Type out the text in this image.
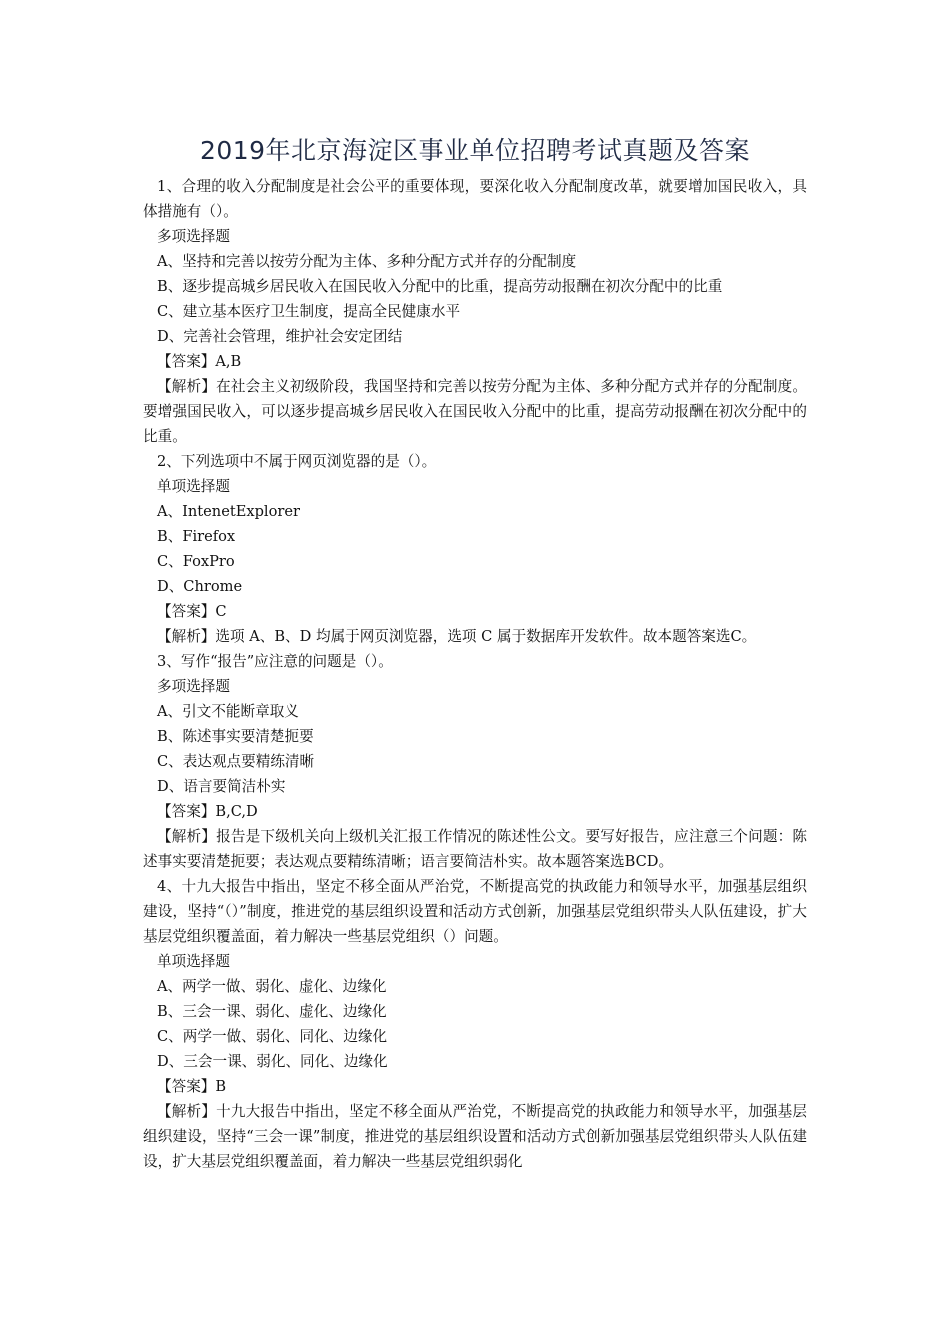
2019年北京海淀区事业单位招聘考试真题及答案

1、合理的收入分配制度是社会公平的重要体现，要深化收入分配制度改革，就要增加国民收入，具体措施有（）。

多项选择题

A、坚持和完善以按劳分配为主体、多种分配方式并存的分配制度

B、逐步提高城乡居民收入在国民收入分配中的比重，提高劳动报酬在初次分配中的比重

C、建立基本医疗卫生制度，提高全民健康水平

D、完善社会管理，维护社会安定团结

【答案】A,B

【解析】在社会主义初级阶段，我国坚持和完善以按劳分配为主体、多种分配方式并存的分配制度。要增强国民收入，可以逐步提高城乡居民收入在国民收入分配中的比重，提高劳动报酬在初次分配中的比重。

2、下列选项中不属于网页浏览器的是（）。

单项选择题

A、IntenetExplorer

B、Firefox

C、FoxPro

D、Chrome

【答案】C

【解析】选项 A、B、D 均属于网页浏览器，选项 C 属于数据库开发软件。故本题答案选C。

3、写作“报告”应注意的问题是（）。

多项选择题

A、引文不能断章取义

B、陈述事实要清楚扼要

C、表达观点要精练清晰

D、语言要简洁朴实

【答案】B,C,D

【解析】报告是下级机关向上级机关汇报工作情况的陈述性公文。要写好报告，应注意三个问题：陈述事实要清楚扼要；表达观点要精练清晰；语言要简洁朴实。故本题答案选BCD。

4、十九大报告中指出，坚定不移全面从严治党，不断提高党的执政能力和领导水平，加强基层组织建设，坚持“（）”制度，推进党的基层组织设置和活动方式创新，加强基层党组织带头人队伍建设，扩大基层党组织覆盖面，着力解决一些基层党组织（）问题。

单项选择题

A、两学一做、弱化、虚化、边缘化

B、三会一课、弱化、虚化、边缘化

C、两学一做、弱化、同化、边缘化

D、三会一课、弱化、同化、边缘化

【答案】B

【解析】十九大报告中指出，坚定不移全面从严治党，不断提高党的执政能力和领导水平，加强基层组织建设，坚持“三会一课”制度，推进党的基层组织设置和活动方式创新加强基层党组织带头人队伍建设，扩大基层党组织覆盖面，着力解决一些基层党组织弱化
